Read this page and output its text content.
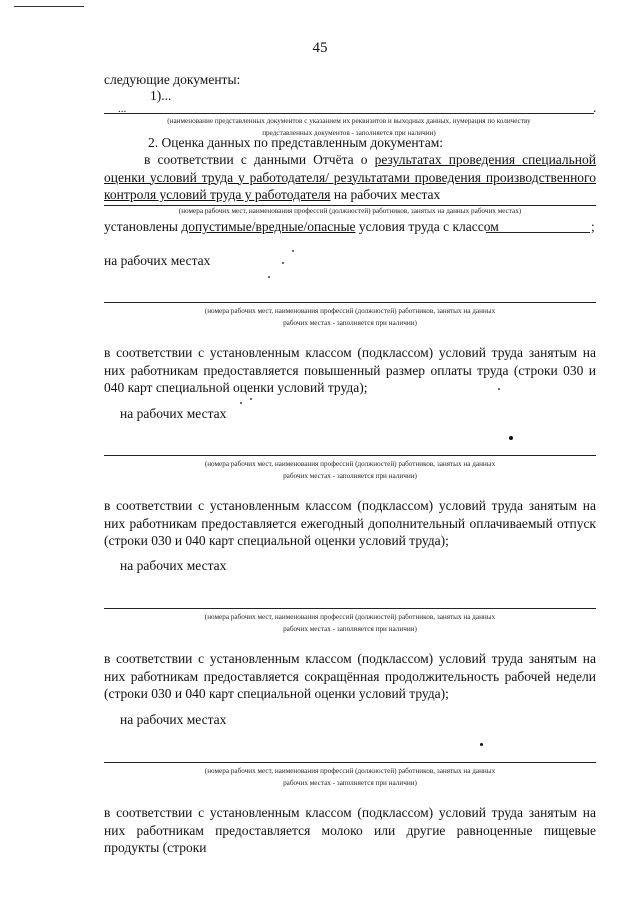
45
следующие документы:
1)...
...	.
(наименование представленных документов с указанием их реквизитов и выходных данных, нумерация по количеству
представленных документов - заполняется при наличии)
2. Оценка данных по представленным документам:
в соответствии с данными Отчёта о результатах проведения специальной оценки условий труда у работодателя/ результатами проведения производственного контроля условий труда у работодателя на рабочих местах
(номера рабочих мест, наименования профессий (должностей) работников, занятых на данных рабочих местах)
установлены допустимые/вредные/опасные условия труда с классом	;
на рабочих местах
(номера рабочих мест, наименования профессий (должностей) работников, занятых на данных
рабочих местах - заполняется при наличии)
в соответствии с установленным классом (подклассом) условий труда занятым на них работникам предоставляется повышенный размер оплаты труда (строки 030 и 040 карт специальной оценки условий труда);
на рабочих местах
(номера рабочих мест, наименования профессий (должностей) работников, занятых на данных
рабочих местах - заполняется при наличии)
в соответствии с установленным классом (подклассом) условий труда занятым на них работникам предоставляется ежегодный дополнительный оплачиваемый отпуск (строки 030 и 040 карт специальной оценки условий труда);
на рабочих местах
(номера рабочих мест, наименования профессий (должностей) работников, занятых на данных
рабочих местах - заполняется при наличии)
в соответствии с установленным классом (подклассом) условий труда занятым на них работникам предоставляется сокращённая продолжительность рабочей недели (строки 030 и 040 карт специальной оценки условий труда);
на рабочих местах
(номера рабочих мест, наименования профессий (должностей) работников, занятых на данных
рабочих местах - заполняется при наличии)
в соответствии с установленным классом (подклассом) условий труда занятым на них работникам предоставляется молоко или другие равноценные пищевые продукты (строки
